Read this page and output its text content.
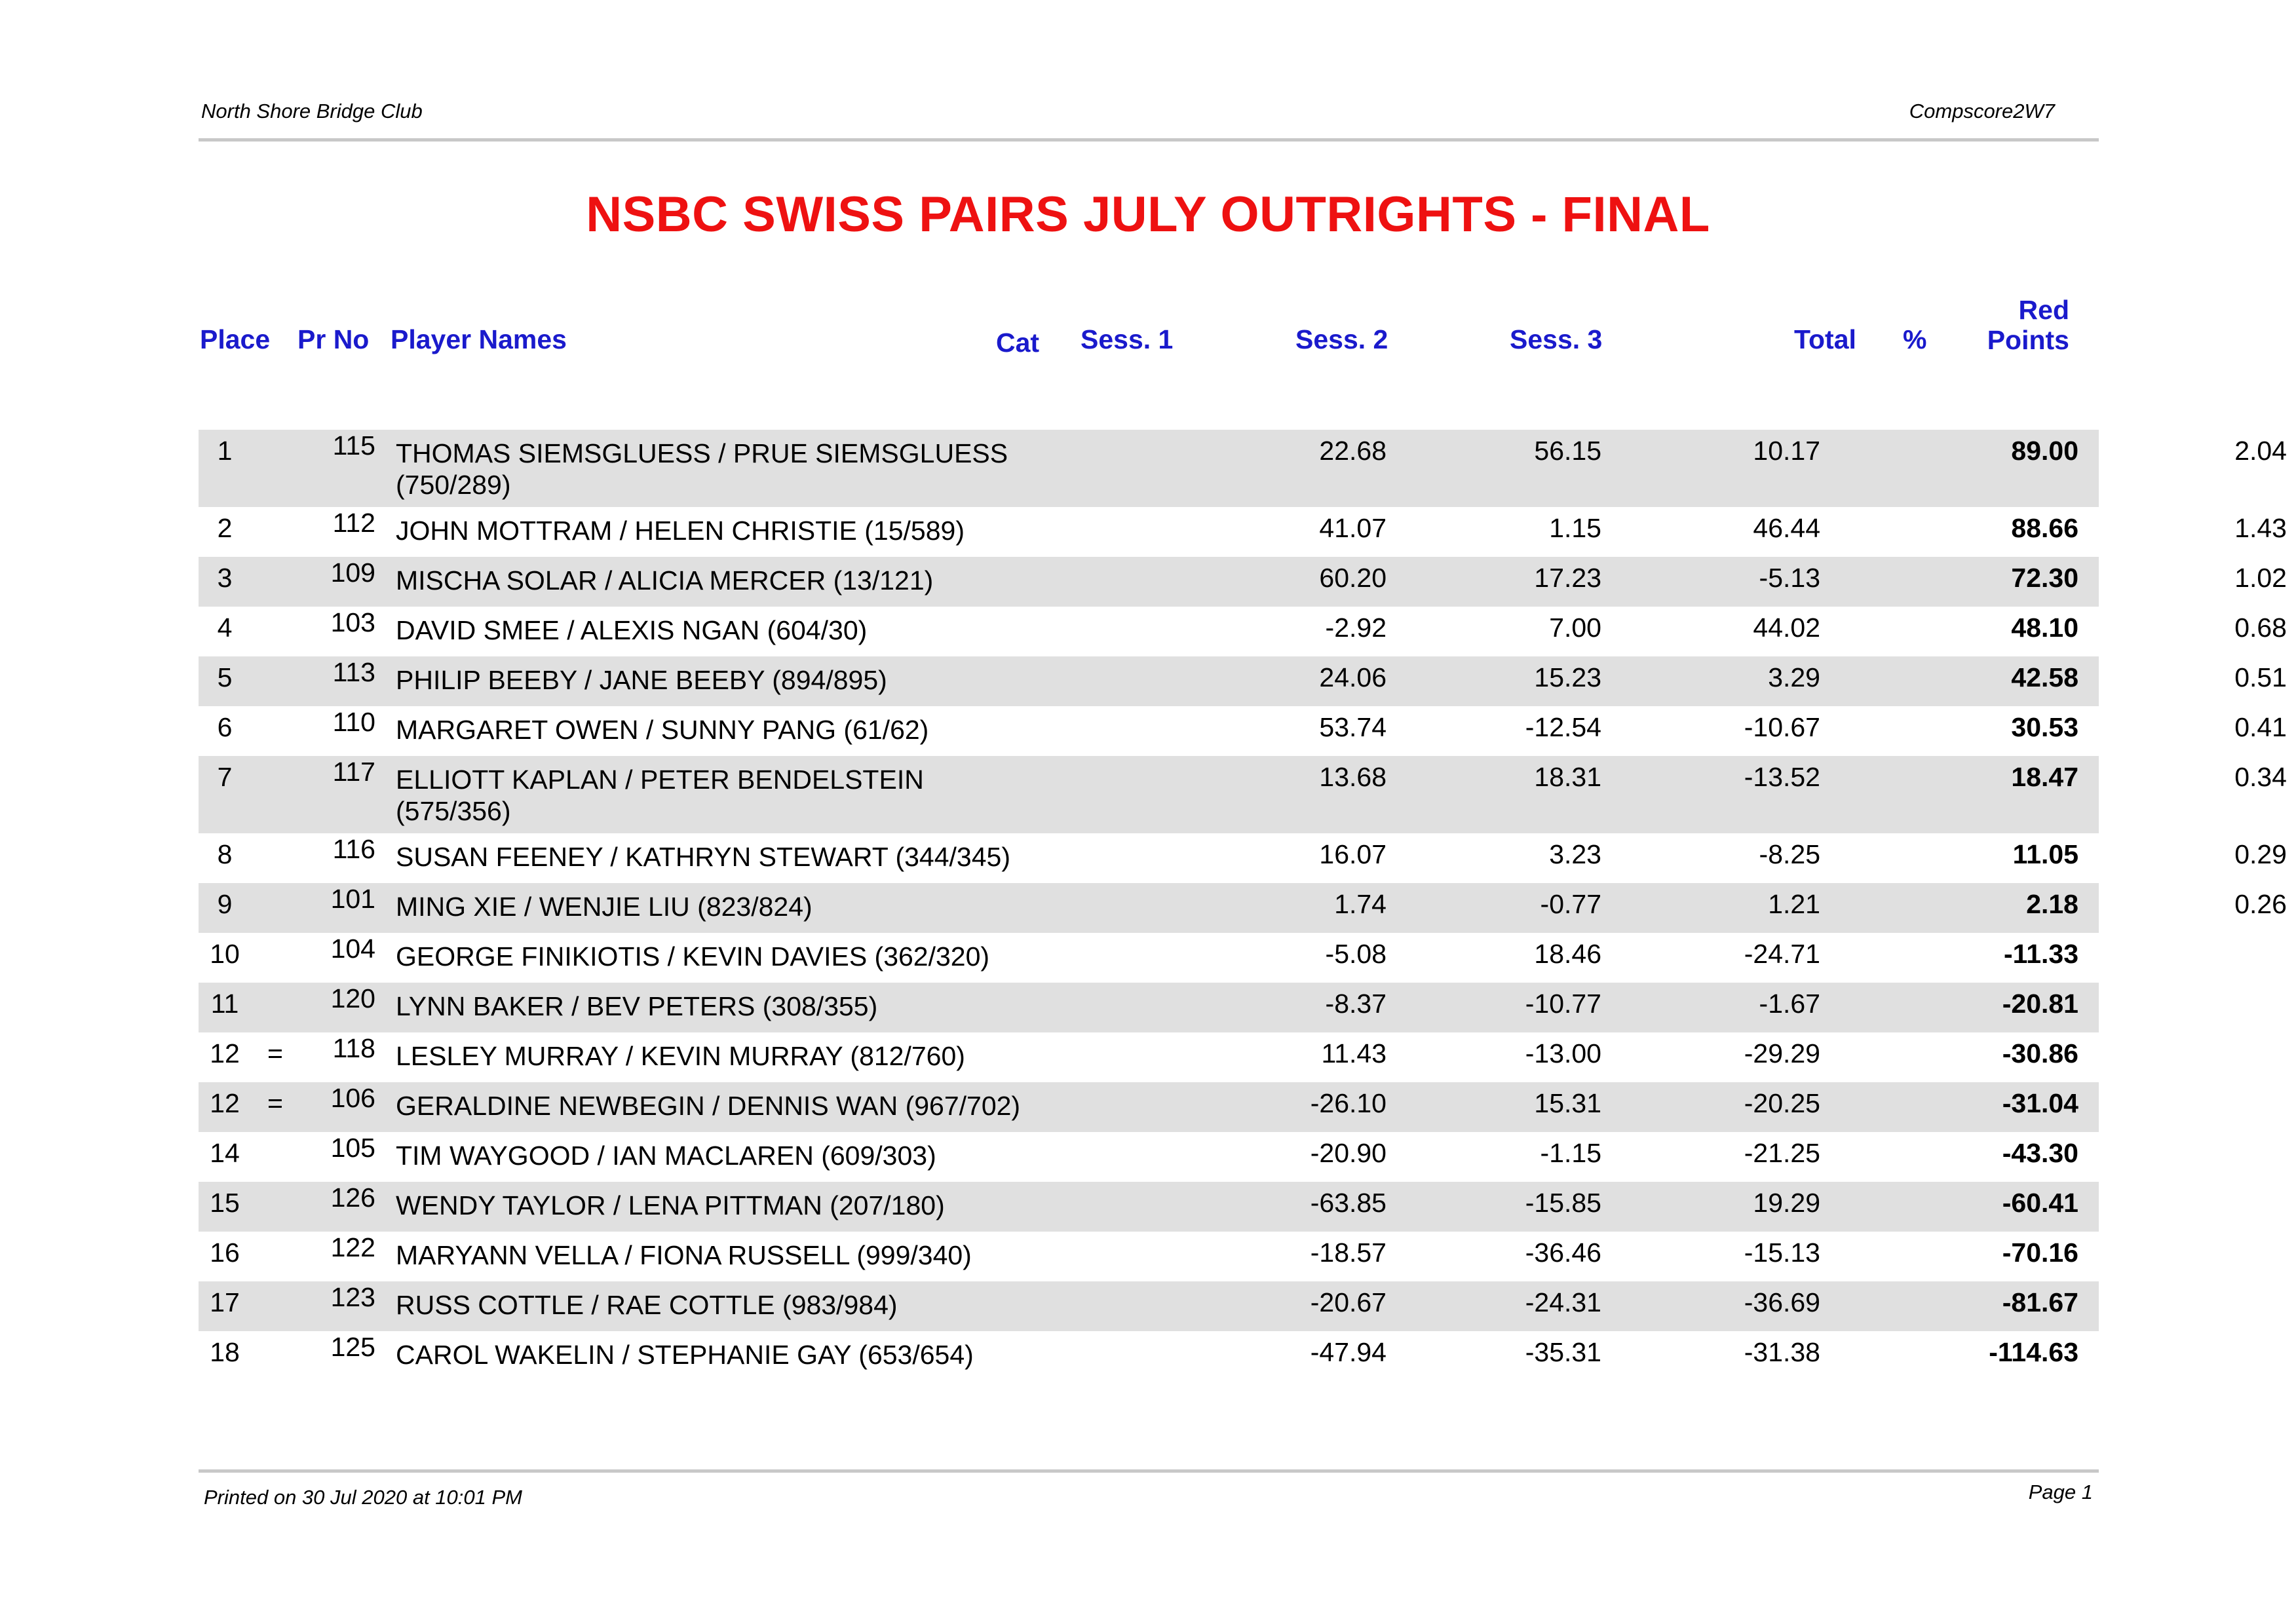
North Shore Bridge Club	Compscore2W7
NSBC SWISS PAIRS JULY OUTRIGHTS - FINAL
Place Pr No Player Names	Cat Sess. 1	Sess. 2	Sess. 3	Total %
Red
Points
1	115 THOMAS SIEMSGLUESS / PRUE SIEMSGLUESS
(750/289)
22.68	56.15	10.17	89.00	2.04
2	112 JOHN MOTTRAM / HELEN CHRISTIE (15/589)	41.07	1.15	46.44	88.66	1.43
3	109 MISCHA SOLAR / ALICIA MERCER (13/121)	60.20	17.23	-5.13	72.30	1.02
4	103 DAVID SMEE / ALEXIS NGAN (604/30)	-2.92	7.00	44.02	48.10	0.68
5	113 PHILIP BEEBY / JANE BEEBY (894/895)	24.06	15.23	3.29	42.58	0.51
6	110 MARGARET OWEN / SUNNY PANG (61/62)	53.74	-12.54	-10.67	30.53	0.41
7	117 ELLIOTT KAPLAN / PETER BENDELSTEIN
(575/356)
13.68	18.31	-13.52	18.47	0.34
8	116 SUSAN FEENEY / KATHRYN STEWART (344/345)	16.07	3.23	-8.25	11.05	0.29
9	101 MING XIE / WENJIE LIU (823/824)	1.74	-0.77	1.21	2.18	0.26
10	104 GEORGE FINIKIOTIS / KEVIN DAVIES (362/320)	-5.08	18.46	-24.71	-11.33
11	120 LYNN BAKER / BEV PETERS (308/355)	-8.37	-10.77	-1.67	-20.81
12	=	118 LESLEY MURRAY / KEVIN MURRAY (812/760)	11.43	-13.00	-29.29	-30.86
12	=	106 GERALDINE NEWBEGIN / DENNIS WAN (967/702)	-26.10	15.31	-20.25	-31.04
14	105 TIM WAYGOOD / IAN MACLAREN (609/303)	-20.90	-1.15	-21.25	-43.30
15	126 WENDY TAYLOR / LENA PITTMAN (207/180)	-63.85	-15.85	19.29	-60.41
16	122 MARYANN VELLA / FIONA RUSSELL (999/340)	-18.57	-36.46	-15.13	-70.16
17	123 RUSS COTTLE / RAE COTTLE (983/984)	-20.67	-24.31	-36.69	-81.67
18	125 CAROL WAKELIN / STEPHANIE GAY (653/654)	-47.94	-35.31	-31.38	-114.63
Printed on 30 Jul 2020 at 10:01 PM	Page 1
